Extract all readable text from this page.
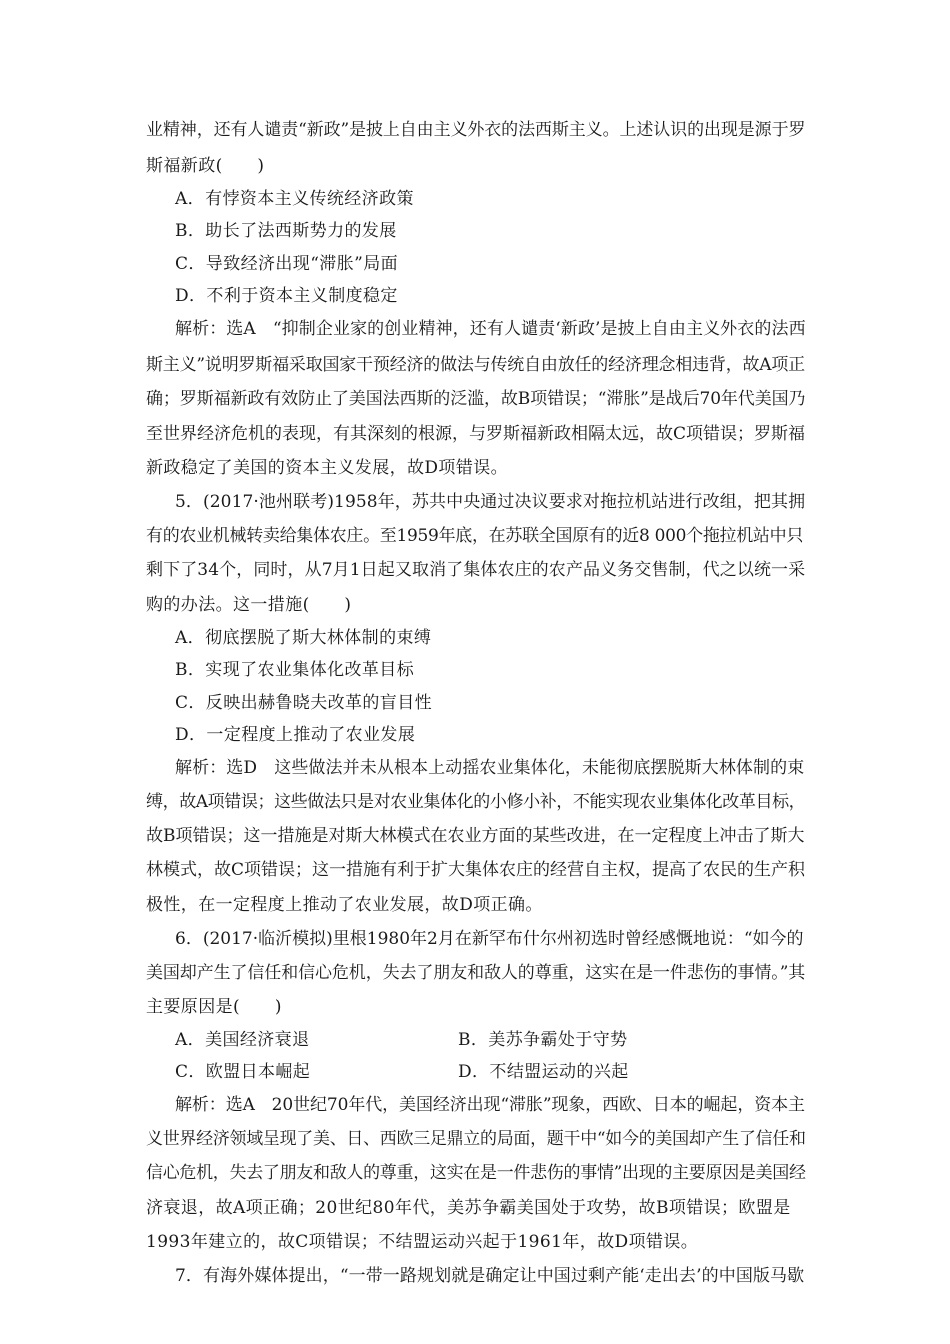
业精神，还有人谴责“新政”是披上自由主义外衣的法西斯主义。上述认识的出现是源于罗
斯福新政(　　)
A．有悖资本主义传统经济政策
B．助长了法西斯势力的发展
C．导致经济出现“滞胀”局面
D．不利于资本主义制度稳定
解析：选A　“抑制企业家的创业精神，还有人谴责‘新政’是披上自由主义外衣的法西
斯主义”说明罗斯福采取国家干预经济的做法与传统自由放任的经济理念相违背，故A项正
确；罗斯福新政有效防止了美国法西斯的泛滥，故B项错误；“滞胀”是战后70年代美国乃
至世界经济危机的表现，有其深刻的根源，与罗斯福新政相隔太远，故C项错误；罗斯福
新政稳定了美国的资本主义发展，故D项错误。
5．(2017·池州联考)1958年，苏共中央通过决议要求对拖拉机站进行改组，把其拥
有的农业机械转卖给集体农庄。至1959年底，在苏联全国原有的近8 000个拖拉机站中只
剩下了34个，同时，从7月1日起又取消了集体农庄的农产品义务交售制，代之以统一采
购的办法。这一措施(　　)
A．彻底摆脱了斯大林体制的束缚
B．实现了农业集体化改革目标
C．反映出赫鲁晓夫改革的盲目性
D．一定程度上推动了农业发展
解析：选D　这些做法并未从根本上动摇农业集体化，未能彻底摆脱斯大林体制的束
缚，故A项错误；这些做法只是对农业集体化的小修小补，不能实现农业集体化改革目标，
故B项错误；这一措施是对斯大林模式在农业方面的某些改进，在一定程度上冲击了斯大
林模式，故C项错误；这一措施有利于扩大集体农庄的经营自主权，提高了农民的生产积
极性，在一定程度上推动了农业发展，故D项正确。
6．(2017·临沂模拟)里根1980年2月在新罕布什尔州初选时曾经感慨地说：“如今的
美国却产生了信任和信心危机，失去了朋友和敌人的尊重，这实在是一件悲伤的事情。”其
主要原因是(　　)
A．美国经济衰退	B．美苏争霸处于守势
C．欧盟日本崛起	D．不结盟运动的兴起
解析：选A　20世纪70年代，美国经济出现“滞胀”现象，西欧、日本的崛起，资本主
义世界经济领域呈现了美、日、西欧三足鼎立的局面，题干中“如今的美国却产生了信任和
信心危机，失去了朋友和敌人的尊重，这实在是一件悲伤的事情”出现的主要原因是美国经
济衰退，故A项正确；20世纪80年代，美苏争霸美国处于攻势，故B项错误；欧盟是
1993年建立的，故C项错误；不结盟运动兴起于1961年，故D项错误。
7．有海外媒体提出，“一带一路规划就是确定让中国过剩产能‘走出去’的中国版马歇
